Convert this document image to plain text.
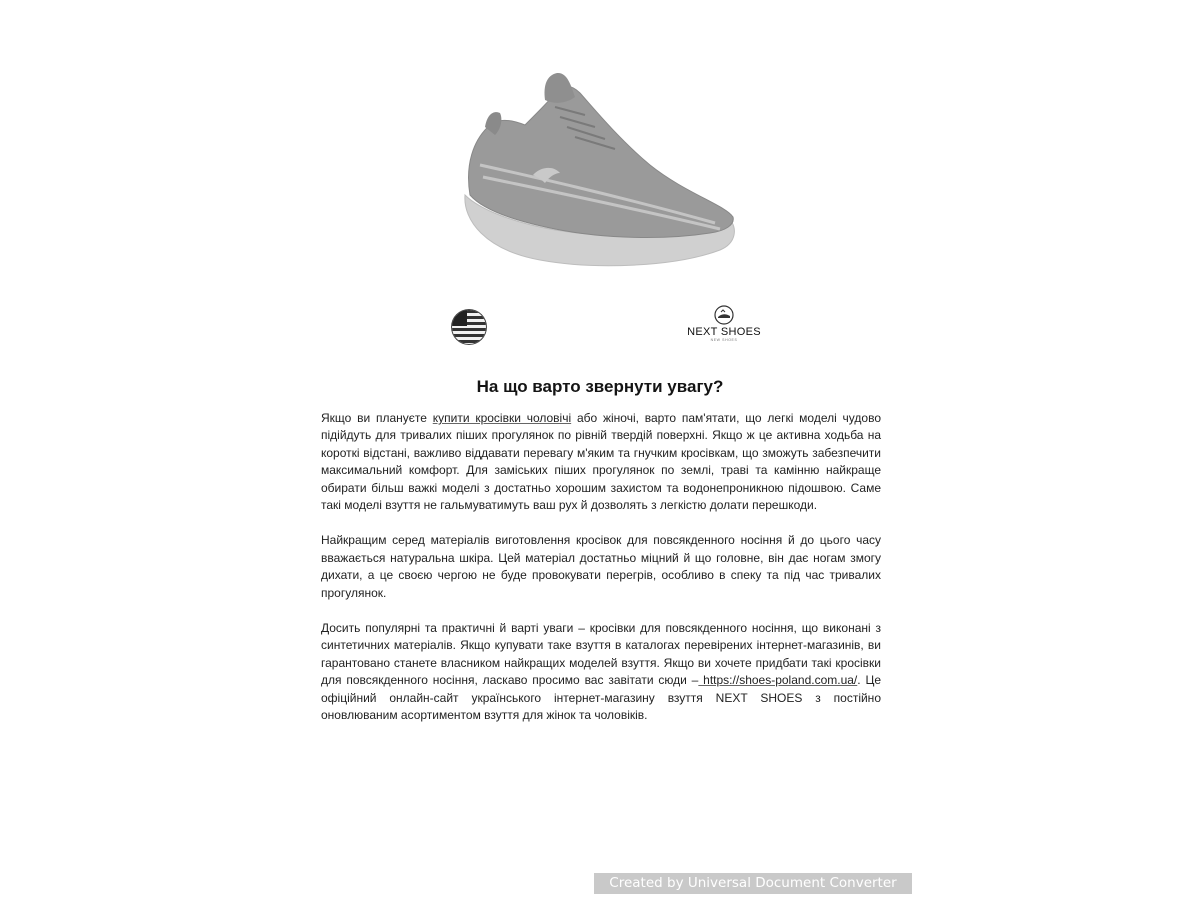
NEXT SHOES
NEW SHOES
На що варто звернути увагу?

Якщо ви плануєте купити кросівки чоловічі або жіночі, варто пам'ятати, що легкі моделі чудово підійдуть для тривалих піших прогулянок по рівній твердій поверхні. Якщо ж це активна ходьба на короткі відстані, важливо віддавати перевагу м'яким та гнучким кросівкам, що зможуть забезпечити максимальний комфорт. Для заміських піших прогулянок по землі, траві та камінню найкраще обирати більш важкі моделі з достатньо хорошим захистом та водонепроникною підошвою. Саме такі моделі взуття не гальмуватимуть ваш рух й дозволять з легкістю долати перешкоди.

Найкращим серед матеріалів виготовлення кросівок для повсякденного носіння й до цього часу вважається натуральна шкіра. Цей матеріал достатньо міцний й що головне, він дає ногам змогу дихати, а це своєю чергою не буде провокувати перегрів, особливо в спеку та під час тривалих прогулянок.

Досить популярні та практичні й варті уваги – кросівки для повсякденного носіння, що виконані з синтетичних матеріалів. Якщо купувати таке взуття в каталогах перевірених інтернет-магазинів, ви гарантовано станете власником найкращих моделей взуття. Якщо ви хочете придбати такі кросівки для повсякденного носіння, ласкаво просимо вас завітати сюди – https://shoes-poland.com.ua/. Це офіційний онлайн-сайт українського інтернет-магазину взуття NEXT SHOES з постійно оновлюваним асортиментом взуття для жінок та чоловіків.

Created by Universal Document Converter
